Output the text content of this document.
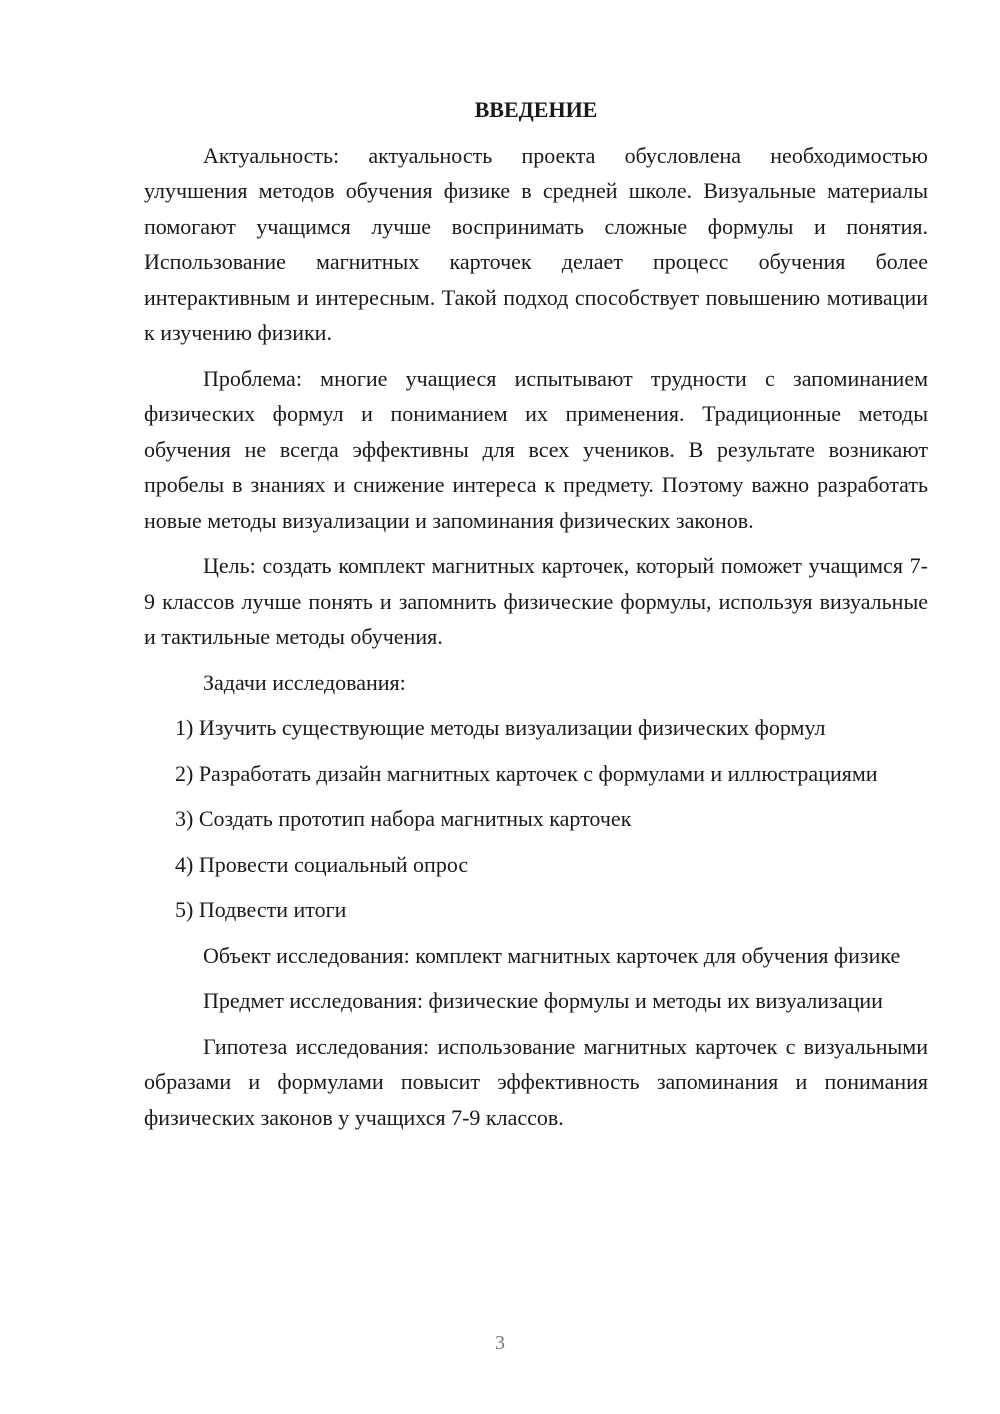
ВВЕДЕНИЕ

Актуальность: актуальность проекта обусловлена необходимостью улучшения методов обучения физике в средней школе. Визуальные материалы помогают учащимся лучше воспринимать сложные формулы и понятия. Использование магнитных карточек делает процесс обучения более интерактивным и интересным. Такой подход способствует повышению мотивации к изучению физики.

Проблема: многие учащиеся испытывают трудности с запоминанием физических формул и пониманием их применения. Традиционные методы обучения не всегда эффективны для всех учеников. В результате возникают пробелы в знаниях и снижение интереса к предмету. Поэтому важно разработать новые методы визуализации и запоминания физических законов.

Цель: создать комплект магнитных карточек, который поможет учащимся 7-9 классов лучше понять и запомнить физические формулы, используя визуальные и тактильные методы обучения.

Задачи исследования:

1) Изучить существующие методы визуализации физических формул

2) Разработать дизайн магнитных карточек с формулами и иллюстрациями

3) Создать прототип набора магнитных карточек

4) Провести социальный опрос

5) Подвести итоги

Объект исследования: комплект магнитных карточек для обучения физике

Предмет исследования: физические формулы и методы их визуализации

Гипотеза исследования: использование магнитных карточек с визуальными образами и формулами повысит эффективность запоминания и понимания физических законов у учащихся 7-9 классов.

3
